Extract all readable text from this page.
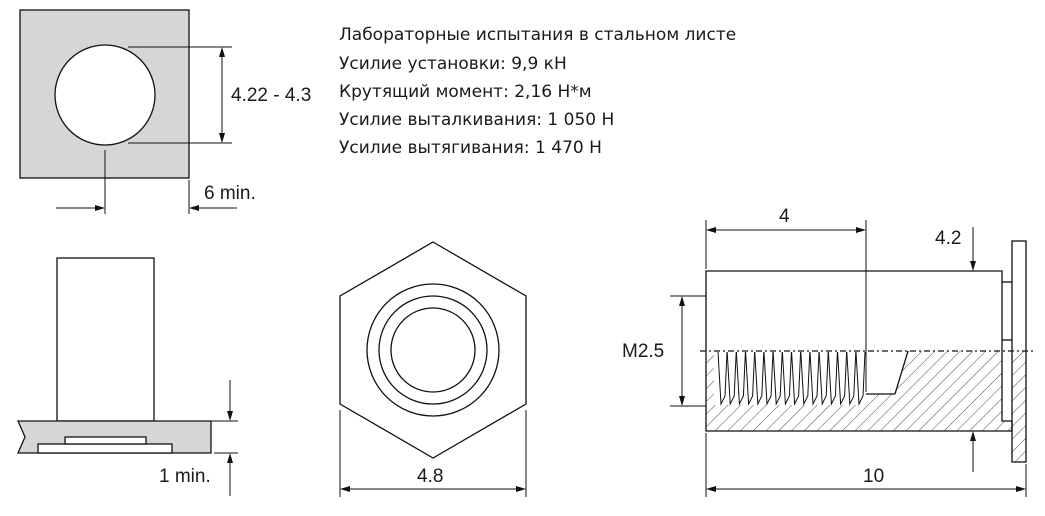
4.22 - 4.3
6 min.
Лабораторные испытания в стальном листе
Усилие установки: 9,9 кН
Крутящий момент: 2,16 Н*м
Усилие выталкивания: 1 050 Н
Усилие вытягивания: 1 470 Н
1 min.	4.8
4
4.2
M2.5
10
